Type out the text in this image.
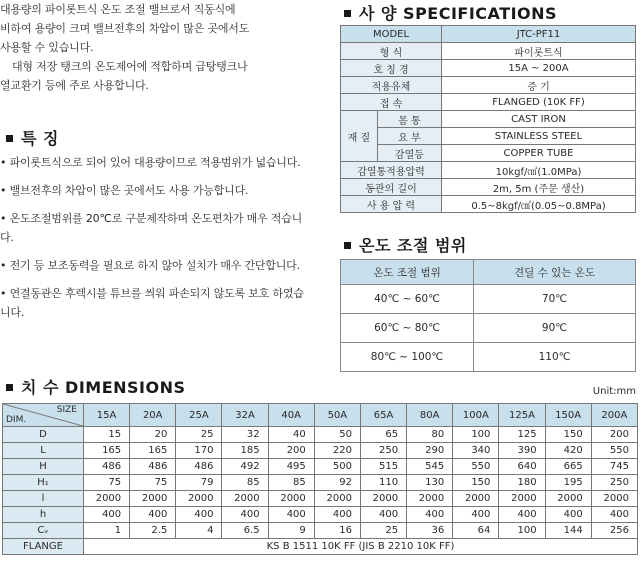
대용량의 파이롯트식 온도 조절 밸브로서 직동식에

비하여 용량이 크며 밸브전후의 차압이 많은 곳에서도

사용할 수 있습니다.

대형 저장 탱크의 온도제어에 적합하며 급탕탱크나

열교환기 등에 주로 사용합니다.

특 징
• 파이롯트식으로 되어 있어 대용량이므로 적용범위가 넓습니다.
• 밸브전후의 차압이 많은 곳에서도 사용 가능합니다.
• 온도조절범위를 20℃로 구분제작하며 온도편차가 매우 적습니다.
• 전기 등 보조동력을 필요로 하지 않아 설치가 매우 간단합니다.
• 연결동관은 후렉시블 튜브를 씌워 파손되지 않도록 보호 하였습니다.
사 양 SPECIFICATIONS
MODEL		JTC-PF11
형 식		파이롯트식
호 칭 경		15A ~ 200A
적용유체		증 기
접 속		FLANGED (10K FF)
재 질	몸 통	CAST IRON
	요 부	STAINLESS STEEL
	감열등	COPPER TUBE
감열통적용압력		10kgf/㎠(1.0MPa)
동관의 길이		2m, 5m (주문 생산)
사 용 압 력		0.5~8kgf/㎠(0.05~0.8MPa)
온도 조절 범위
온도 조절 범위	견딜 수 있는 온도
40℃ ~ 60℃	70℃
60℃ ~ 80℃	90℃
80℃ ~ 100℃	110℃
치 수 DIMENSIONS	Unit:mm
SIZE
DIM.	15A	20A	25A	32A	40A	50A	65A	80A	100A	125A	150A	200A
D	15	20	25	32	40	50	65	80	100	125	150	200
L	165	165	170	185	200	220	250	290	340	390	420	550
H	486	486	486	492	495	500	515	545	550	640	665	745
H₁	75	75	79	85	85	92	110	130	150	180	195	250
l	2000	2000	2000	2000	2000	2000	2000	2000	2000	2000	2000	2000
h	400	400	400	400	400	400	400	400	400	400	400	400
Cᵥ	1	2.5	4	6.5	9	16	25	36	64	100	144	256
FLANGE	KS B 1511 10K FF (JIS B 2210 10K FF)											
